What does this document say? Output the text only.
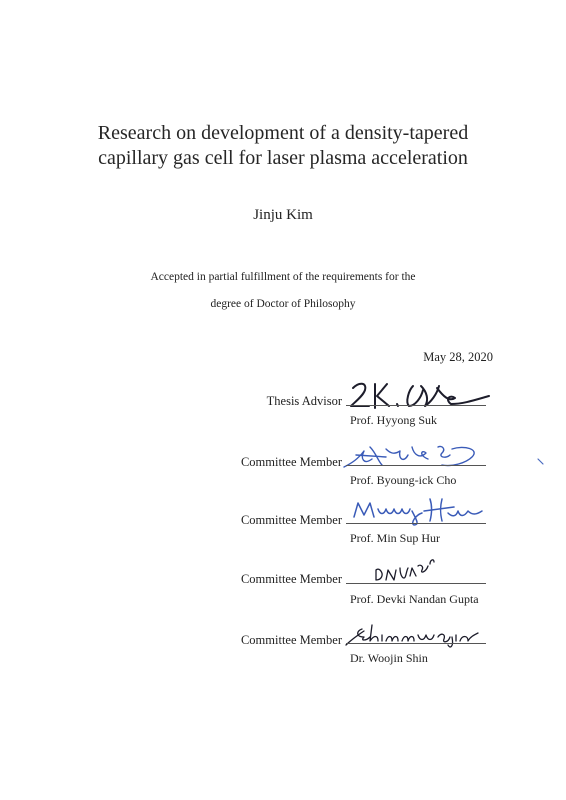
Research on development of a density-tapered
capillary gas cell for laser plasma acceleration
Jinju Kim
Accepted in partial fulfillment of the requirements for the
degree of Doctor of Philosophy
May 28, 2020
Thesis Advisor
Prof. Hyyong Suk
Committee Member
Prof. Byoung-ick Cho
Committee Member
Prof. Min Sup Hur
Committee Member
Prof. Devki Nandan Gupta
Committee Member
Dr. Woojin Shin
